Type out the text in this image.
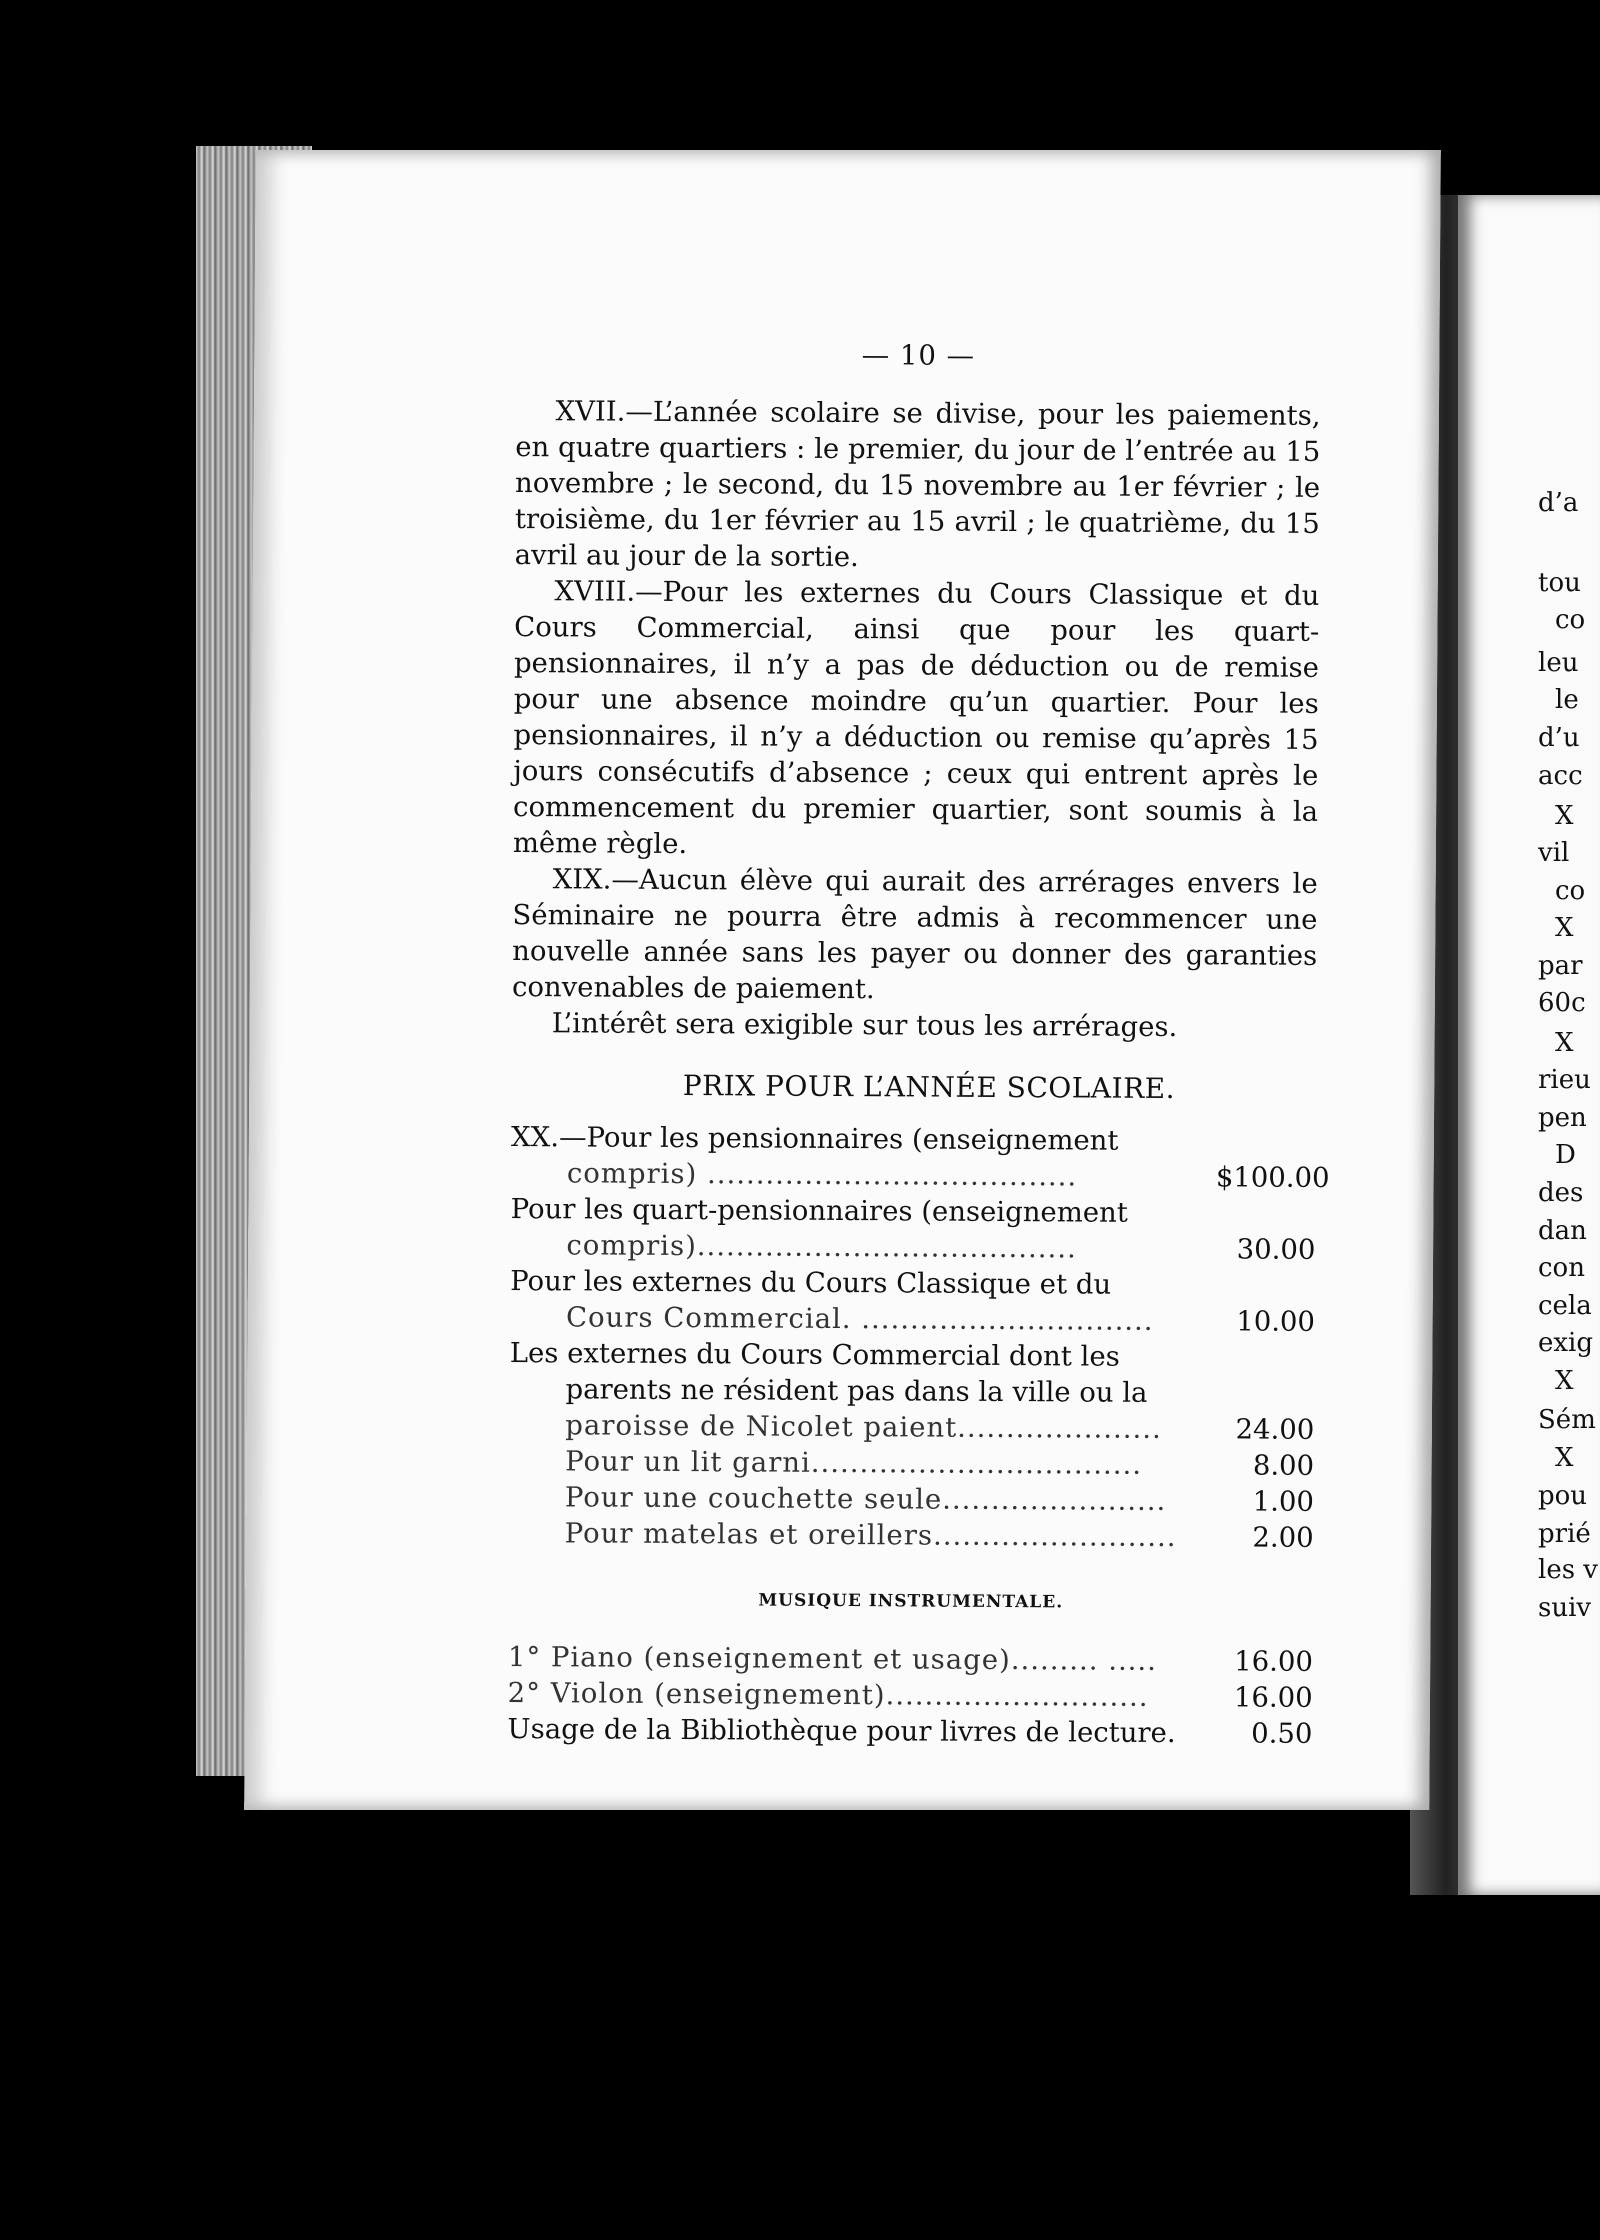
— 10 —

XVII.—L’année scolaire se divise, pour les paiements, en quatre quartiers : le premier, du jour de l’entrée au 15 novembre ; le second, du 15 novembre au 1er février ; le troisième, du 1er février au 15 avril ; le quatrième, du 15 avril au jour de la sortie.

XVIII.—Pour les externes du Cours Classique et du Cours Commercial, ainsi que pour les quart-pensionnaires, il n’y a pas de déduction ou de remise pour une absence moindre qu’un quartier. Pour les pensionnaires, il n’y a déduction ou remise qu’après 15 jours consécutifs d’absence ; ceux qui entrent après le commencement du premier quartier, sont soumis à la même règle.

XIX.—Aucun élève qui aurait des arrérages envers le Séminaire ne pourra être admis à recommencer une nouvelle année sans les payer ou donner des garanties convenables de paiement.

L’intérêt sera exigible sur tous les arrérages.

PRIX POUR L’ANNÉE SCOLAIRE.
XX.—Pour les pensionnaires (enseignement
compris) ......................................	$100.00
Pour les quart-pensionnaires (enseignement
compris).......................................	30.00
Pour les externes du Cours Classique et du
Cours Commercial. ..............................	10.00
Les externes du Cours Commercial dont les
parents ne résident pas dans la ville ou la
paroisse de Nicolet paient.....................	24.00
Pour un lit garni..................................	8.00
Pour une couchette seule.......................	1.00
Pour matelas et oreillers.........................	2.00
MUSIQUE INSTRUMENTALE.
1° Piano (enseignement et usage)......... .....	16.00
2° Violon (enseignement)...........................	16.00
Usage de la Bibliothèque pour livres de lecture.	0.50
d’a
tou
co
leu
le
d’u
acc
X
vil
co
X
par
60c
X
rieu
pen
D
des
dan
con
cela
exig
X
Sém
X
pou
prié
les v
suiv
